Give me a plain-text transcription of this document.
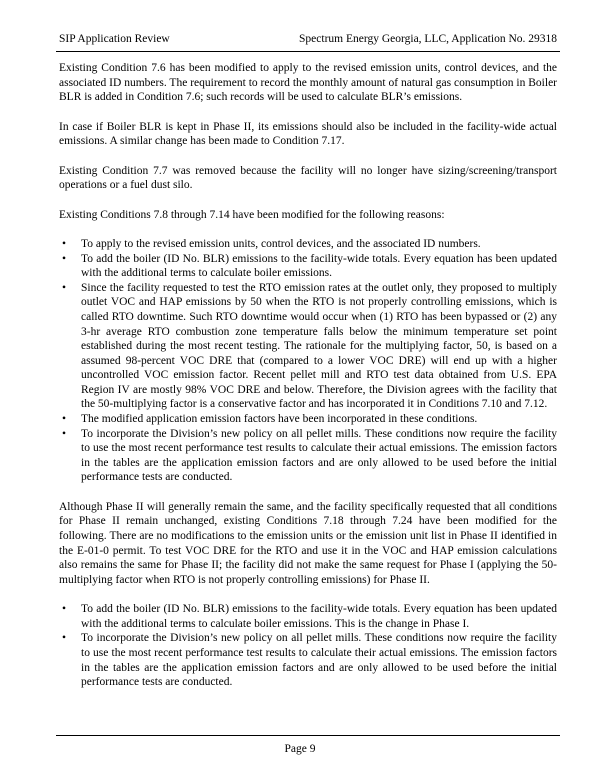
SIP Application Review	Spectrum Energy Georgia, LLC, Application No. 29318

Existing Condition 7.6 has been modified to apply to the revised emission units, control devices, and the associated ID numbers. The requirement to record the monthly amount of natural gas consumption in Boiler BLR is added in Condition 7.6; such records will be used to calculate BLR’s emissions.

In case if Boiler BLR is kept in Phase II, its emissions should also be included in the facility-wide actual emissions. A similar change has been made to Condition 7.17.

Existing Condition 7.7 was removed because the facility will no longer have sizing/screening/transport operations or a fuel dust silo.

Existing Conditions 7.8 through 7.14 have been modified for the following reasons:

• To apply to the revised emission units, control devices, and the associated ID numbers.
• To add the boiler (ID No. BLR) emissions to the facility-wide totals. Every equation has been updated with the additional terms to calculate boiler emissions.
• Since the facility requested to test the RTO emission rates at the outlet only, they proposed to multiply outlet VOC and HAP emissions by 50 when the RTO is not properly controlling emissions, which is called RTO downtime. Such RTO downtime would occur when (1) RTO has been bypassed or (2) any 3-hr average RTO combustion zone temperature falls below the minimum temperature set point established during the most recent testing. The rationale for the multiplying factor, 50, is based on a assumed 98-percent VOC DRE that (compared to a lower VOC DRE) will end up with a higher uncontrolled VOC emission factor. Recent pellet mill and RTO test data obtained from U.S. EPA Region IV are mostly 98% VOC DRE and below. Therefore, the Division agrees with the facility that the 50-multiplying factor is a conservative factor and has incorporated it in Conditions 7.10 and 7.12.
• The modified application emission factors have been incorporated in these conditions.
• To incorporate the Division’s new policy on all pellet mills. These conditions now require the facility to use the most recent performance test results to calculate their actual emissions. The emission factors in the tables are the application emission factors and are only allowed to be used before the initial performance tests are conducted.

Although Phase II will generally remain the same, and the facility specifically requested that all conditions for Phase II remain unchanged, existing Conditions 7.18 through 7.24 have been modified for the following. There are no modifications to the emission units or the emission unit list in Phase II identified in the E-01-0 permit. To test VOC DRE for the RTO and use it in the VOC and HAP emission calculations also remains the same for Phase II; the facility did not make the same request for Phase I (applying the 50-multiplying factor when RTO is not properly controlling emissions) for Phase II.

• To add the boiler (ID No. BLR) emissions to the facility-wide totals. Every equation has been updated with the additional terms to calculate boiler emissions. This is the change in Phase I.
• To incorporate the Division’s new policy on all pellet mills. These conditions now require the facility to use the most recent performance test results to calculate their actual emissions. The emission factors in the tables are the application emission factors and are only allowed to be used before the initial performance tests are conducted.
Page 9
